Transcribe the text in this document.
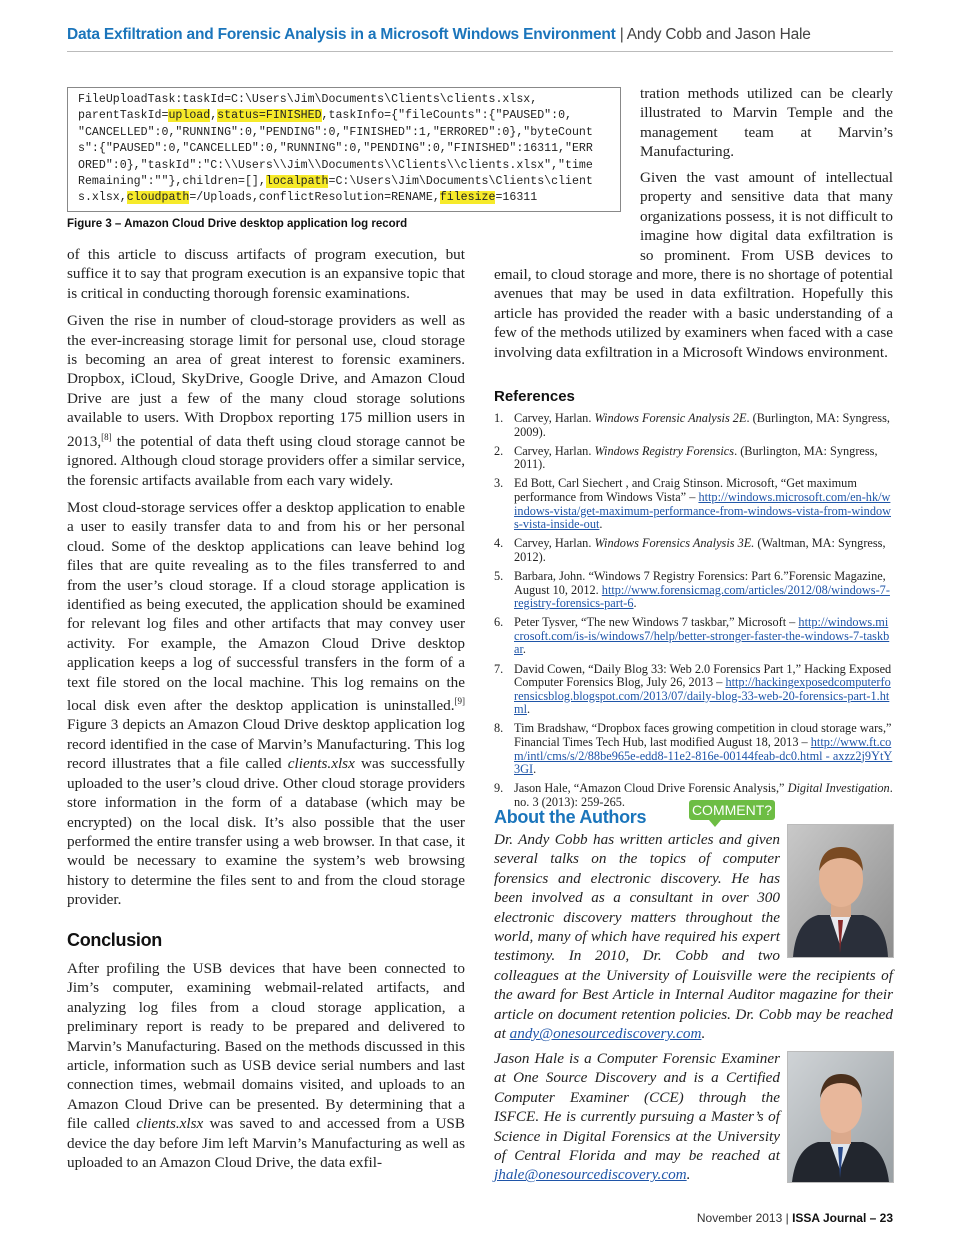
Data Exfiltration and Forensic Analysis in a Microsoft Windows Environment | Andy Cobb and Jason Hale
FileUploadTask:taskId=C:\Users\Jim\Documents\Clients\clients.xlsx,
parentTaskId=upload,status=FINISHED,taskInfo={"fileCounts":{"PAUSED":0,
"CANCELLED":0,"RUNNING":0,"PENDING":0,"FINISHED":1,"ERRORED":0},"byteCount
s":{"PAUSED":0,"CANCELLED":0,"RUNNING":0,"PENDING":0,"FINISHED":16311,"ERR
ORED":0},"taskId":"C:\\Users\\Jim\\Documents\\Clients\\clients.xlsx","time
Remaining":""},children=[],localpath=C:\Users\Jim\Documents\Clients\client
s.xlsx,cloudpath=/Uploads,conflictResolution=RENAME,filesize=16311
Figure 3 – Amazon Cloud Drive desktop application log record

of this article to discuss artifacts of program execution, but suffice it to say that program execution is an expansive topic that is critical in conducting thorough forensic examinations.

Given the rise in number of cloud-storage providers as well as the ever-increasing storage limit for personal use, cloud storage is becoming an area of great interest to forensic examiners. Dropbox, iCloud, SkyDrive, Google Drive, and Amazon Cloud Drive are just a few of the many cloud storage solutions available to users. With Dropbox reporting 175 million users in 2013,[8] the potential of data theft using cloud storage cannot be ignored. Although cloud storage providers offer a similar service, the forensic artifacts available from each vary widely.

Most cloud-storage services offer a desktop application to enable a user to easily transfer data to and from his or her personal cloud. Some of the desktop applications can leave behind log files that are quite revealing as to the files transferred to and from the user’s cloud storage. If a cloud storage application is identified as being executed, the application should be examined for relevant log files and other artifacts that may convey user activity. For example, the Amazon Cloud Drive desktop application keeps a log of successful transfers in the form of a text file stored on the local machine. This log remains on the local disk even after the desktop application is uninstalled.[9] Figure 3 depicts an Amazon Cloud Drive desktop application log record identified in the case of Marvin’s Manufacturing. This log record illustrates that a file called clients.xlsx was successfully uploaded to the user’s cloud drive. Other cloud storage providers store information in the form of a database (which may be encrypted) on the local disk. It’s also possible that the user performed the entire transfer using a web browser. In that case, it would be necessary to examine the system’s web browsing history to determine the files sent to and from the cloud storage provider.

Conclusion

After profiling the USB devices that have been connected to Jim’s computer, examining webmail-related artifacts, and analyzing log files from a cloud storage application, a preliminary report is ready to be prepared and delivered to Marvin’s Manufacturing. Based on the methods discussed in this article, information such as USB device serial numbers and last connection times, webmail domains visited, and uploads to an Amazon Cloud Drive can be presented. By determining that a file called clients.xlsx was saved to and accessed from a USB device the day before Jim left Marvin’s Manufacturing as well as uploaded to an Amazon Cloud Drive, the data exfil-

tration methods utilized can be clearly illustrated to Marvin Temple and the management team at Marvin’s Manufacturing.

Given the vast amount of intellectual property and sensitive data that many organizations possess, it is not difficult to imagine how digital data exfiltration is so prominent. From USB devices to email, to cloud storage and more, there is no shortage of potential avenues that may be used in data exfiltration. Hopefully this article has provided the reader with a basic understanding of a few of the methods utilized by examiners when faced with a case involving data exfiltration in a Microsoft Windows environment.

References
1. Carvey, Harlan. Windows Forensic Analysis 2E. (Burlington, MA: Syngress, 2009).
2. Carvey, Harlan. Windows Registry Forensics. (Burlington, MA: Syngress, 2011).
3. Ed Bott, Carl Siechert , and Craig Stinson. Microsoft, “Get maximum performance from Windows Vista” – http://windows.microsoft.com/en-hk/windows-vista/get-maximum-performance-from-windows-vista-from-windows-vista-inside-out.
4. Carvey, Harlan. Windows Forensics Analysis 3E. (Waltman, MA: Syngress, 2012).
5. Barbara, John. “Windows 7 Registry Forensics: Part 6.”Forensic Magazine, August 10, 2012. http://www.forensicmag.com/articles/2012/08/windows-7-registry-forensics-part-6.
6. Peter Tysver, “The new Windows 7 taskbar,” Microsoft – http://windows.microsoft.com/is-is/windows7/help/better-stronger-faster-the-windows-7-taskbar.
7. David Cowen, “Daily Blog 33: Web 2.0 Forensics Part 1,” Hacking Exposed Computer Forensics Blog, July 26, 2013 – http://hackingexposedcomputerforensicsblog.blogspot.com/2013/07/daily-blog-33-web-20-forensics-part-1.html.
8. Tim Bradshaw, “Dropbox faces growing competition in cloud storage wars,” Financial Times Tech Hub, last modified August 18, 2013 – http://www.ft.com/intl/cms/s/2/88be965e-edd8-11e2-816e-00144feab-dc0.html - axzz2j9YtY3GI.
9. Jason Hale, “Amazon Cloud Drive Forensic Analysis,” Digital Investigation. no. 3 (2013): 259-265.
About the Authors	COMMENT?
Dr. Andy Cobb has written articles and given several talks on the topics of computer forensics and electronic discovery. He has been involved as a consultant in over 300 electronic discovery matters throughout the world, many of which have required his expert testimony. In 2010, Dr. Cobb and two colleagues at the University of Louisville were the recipients of the award for Best Article in Internal Auditor magazine for their article on document retention policies. Dr. Cobb may be reached at andy@onesourcediscovery.com.
Jason Hale is a Computer Forensic Examiner at One Source Discovery and is a Certified Computer Examiner (CCE) through the ISFCE. He is currently pursuing a Master’s of Science in Digital Forensics at the University of Central Florida and may be reached at jhale@onesourcediscovery.com.
November 2013 | ISSA Journal – 23
